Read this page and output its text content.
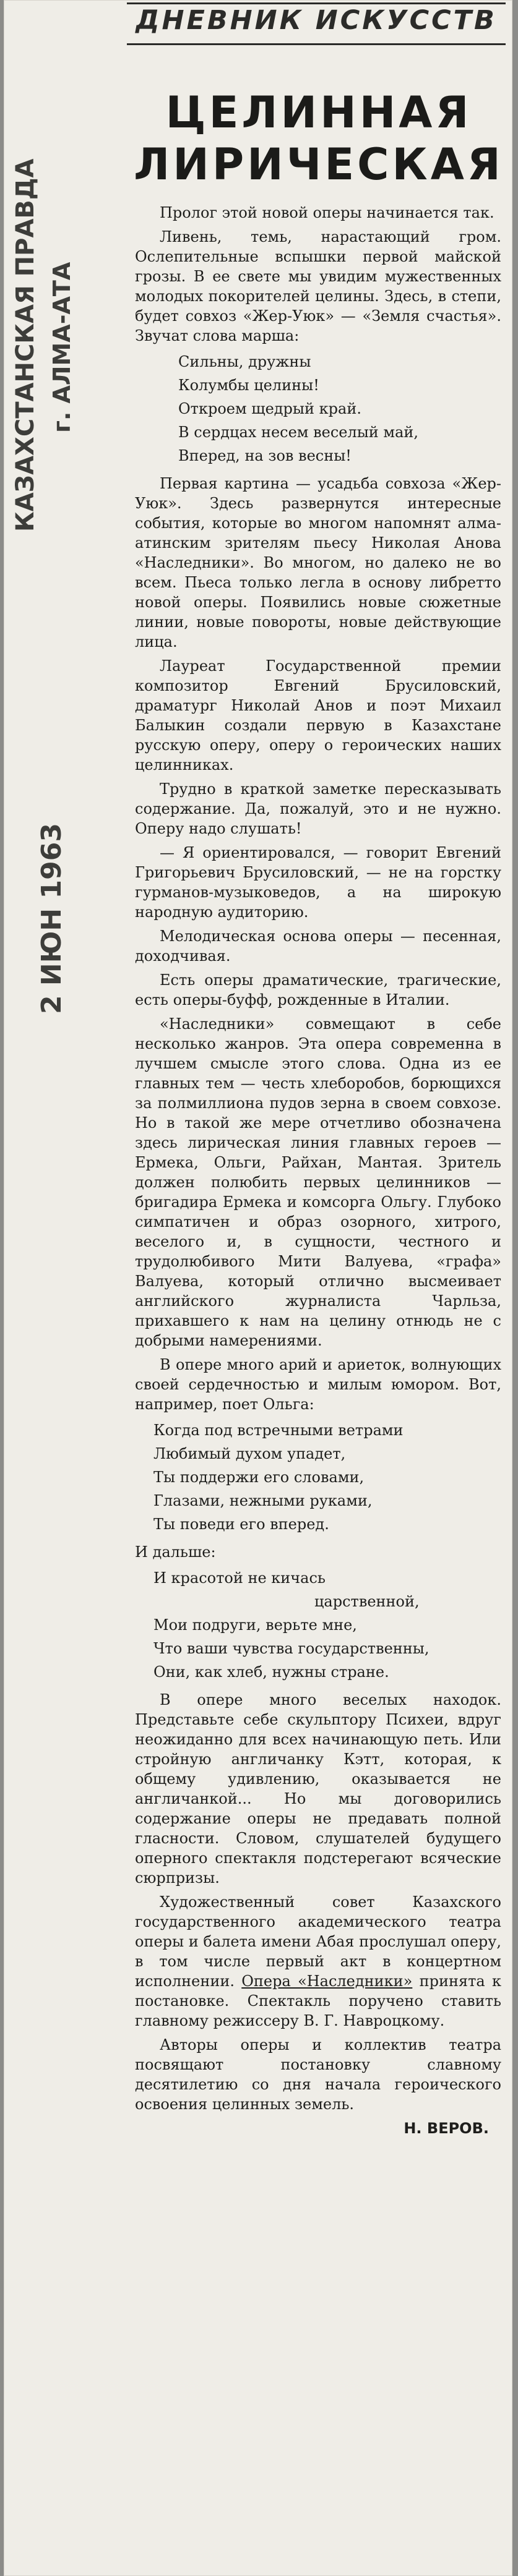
ДНЕВНИК ИСКУССТВ
ЦЕЛИННАЯ
ЛИРИЧЕСКАЯ
КАЗАХСТАНСКАЯ ПРАВДА г. АЛМА-АТА
2 ИЮН 1963

Пролог этой новой оперы начинается так.

Ливень, темь, нарастающий гром. Ослепительные вспышки первой майской грозы. В ее свете мы увидим мужественных молодых покорителей целины. Здесь, в степи, будет совхоз «Жер-Уюк» — «Земля счастья». Звучат слова марша:

Сильны, дружны
Колумбы целины!
Откроем щедрый край.
В сердцах несем веселый май,
Вперед, на зов весны!

Первая картина — усадьба совхоза «Жер-Уюк». Здесь развернутся интересные события, которые во многом напомнят алма-атинским зрителям пьесу Николая Анова «Наследники». Во многом, но далеко не во всем. Пьеса только легла в основу либретто новой оперы. Появились новые сюжетные линии, новые повороты, новые действующие лица.

Лауреат Государственной премии композитор Евгений Брусиловский, драматург Николай Анов и поэт Михаил Балыкин создали первую в Казахстане русскую оперу, оперу о героических наших целинниках.

Трудно в краткой заметке пересказывать содержание. Да, пожалуй, это и не нужно. Оперу надо слушать!

— Я ориентировался, — говорит Евгений Григорьевич Брусиловский, — не на горстку гурманов-музыковедов, а на широкую народную аудиторию.

Мелодическая основа оперы — песенная, доходчивая.

Есть оперы драматические, трагические, есть оперы-буфф, рожденные в Италии.

«Наследники» совмещают в себе несколько жанров. Эта опера современна в лучшем смысле этого слова. Одна из ее главных тем — честь хлеборобов, борющихся за полмиллиона пудов зерна в своем совхозе. Но в такой же мере отчетливо обозначена здесь лирическая линия главных героев — Ермека, Ольги, Райхан, Мантая. Зритель должен полюбить первых целинников — бригадира Ермека и комсорга Ольгу. Глубоко симпатичен и образ озорного, хитрого, веселого и, в сущности, честного и трудолюбивого Мити Валуева, «графа» Валуева, который отлично высмеивает английского журналиста Чарльза, прихавшего к нам на целину отнюдь не с добрыми намерениями.

В опере много арий и ариеток, волнующих своей сердечностью и милым юмором. Вот, например, поет Ольга:

Когда под встречными ветрами
Любимый духом упадет,
Ты поддержи его словами,
Глазами, нежными руками,
Ты поведи его вперед.

И дальше:

И красотой не кичась
царственной,
Мои подруги, верьте мне,
Что ваши чувства государственны,
Они, как хлеб, нужны стране.

В опере много веселых находок. Представьте себе скульптору Психеи, вдруг неожиданно для всех начинающую петь. Или стройную англичанку Кэтт, которая, к общему удивлению, оказывается не англичанкой... Но мы договорились содержание оперы не предавать полной гласности. Словом, слушателей будущего оперного спектакля подстерегают всяческие сюрпризы.

Художественный совет Казахского государственного академического театра оперы и балета имени Абая прослушал оперу, в том числе первый акт в концертном исполнении. Опера «Наследники» принята к постановке. Спектакль поручено ставить главному режиссеру В. Г. Навроцкому.

Авторы оперы и коллектив театра посвящают постановку славному десятилетию со дня начала героического освоения целинных земель.

Н. ВЕРОВ.
